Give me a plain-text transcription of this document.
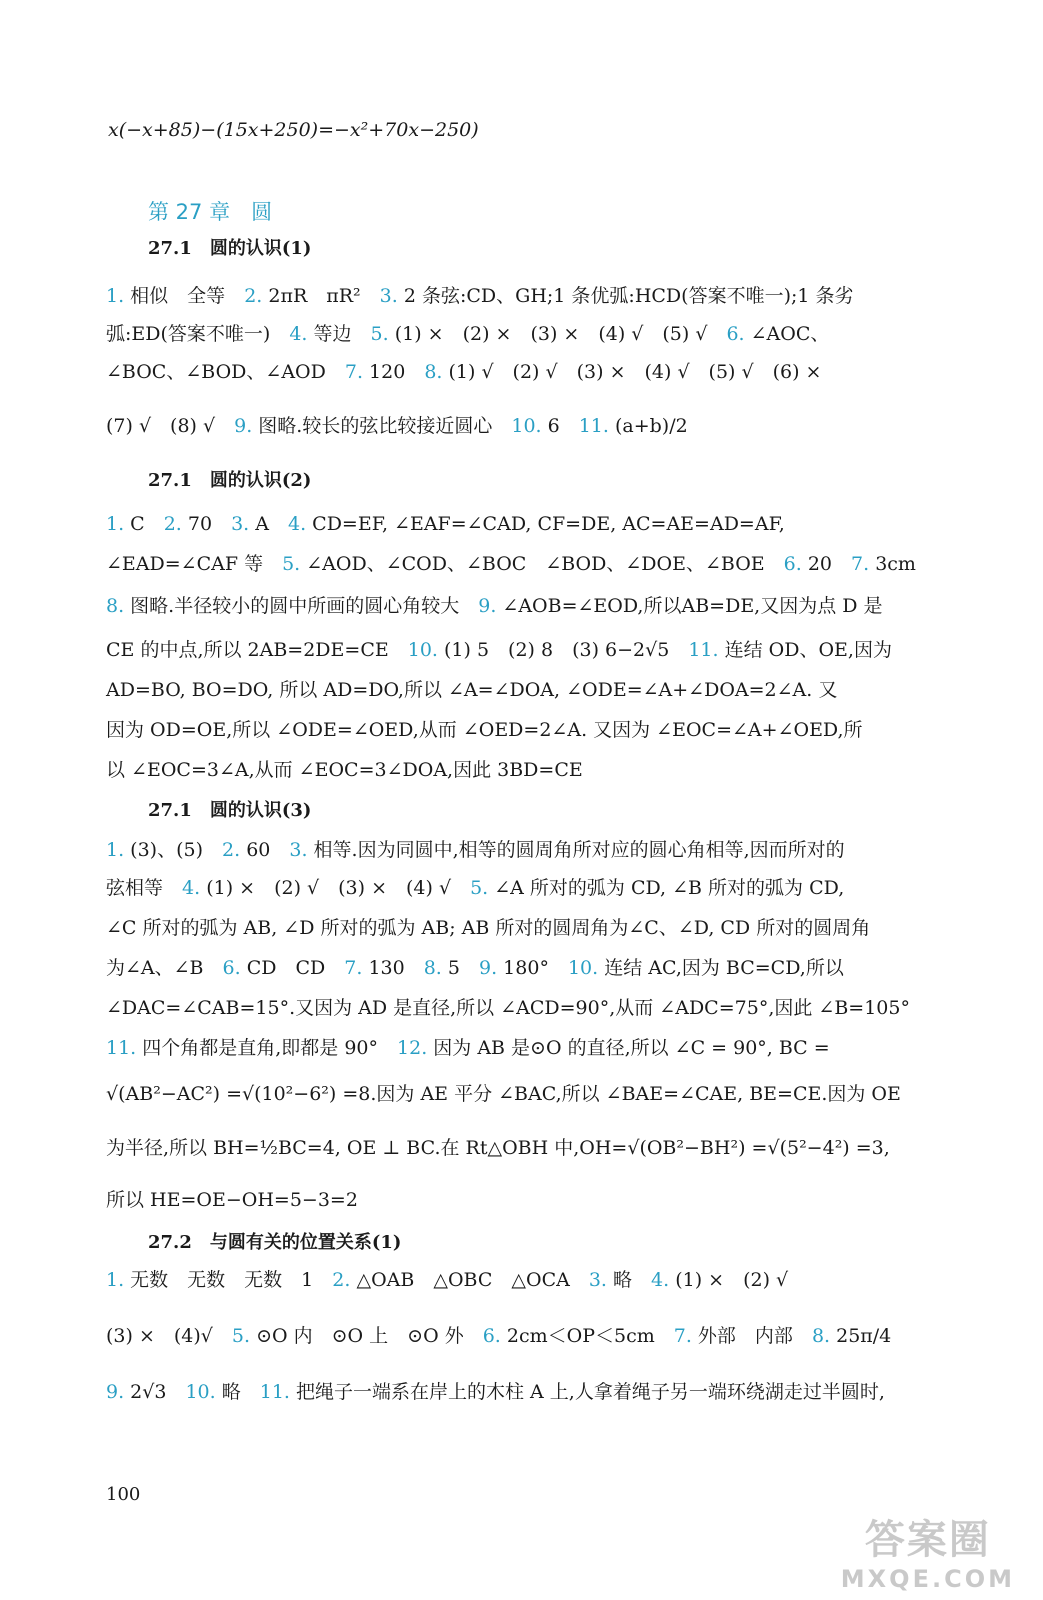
x(−x+85)−(15x+250)=−x²+70x−250)
第 27 章　圆
27.1　圆的认识(1)
1. 相似　全等　2. 2πR　πR²　3. 2 条弦:CD、GH;1 条优弧:HCD(答案不唯一);1 条劣
弧:ED(答案不唯一)　4. 等边　5. (1) ×　(2) ×　(3) ×　(4) √　(5) √　6. ∠AOC、
∠BOC、∠BOD、∠AOD　7. 120　8. (1) √　(2) √　(3) ×　(4) √　(5) √　(6) ×
(7) √　(8) √　9. 图略.较长的弦比较接近圆心　10. 6　11. (a+b)/2
27.1　圆的认识(2)
1. C　2. 70　3. A　4. CD=EF, ∠EAF=∠CAD, CF=DE, AC=AE=AD=AF,
∠EAD=∠CAF 等　5. ∠AOD、∠COD、∠BOC　∠BOD、∠DOE、∠BOE　6. 20　7. 3cm
8. 图略.半径较小的圆中所画的圆心角较大　9. ∠AOB=∠EOD,所以AB=DE,又因为点 D 是
CE 的中点,所以 2AB=2DE=CE　10. (1) 5　(2) 8　(3) 6−2√5　11. 连结 OD、OE,因为
AD=BO, BO=DO, 所以 AD=DO,所以 ∠A=∠DOA, ∠ODE=∠A+∠DOA=2∠A. 又
因为 OD=OE,所以 ∠ODE=∠OED,从而 ∠OED=2∠A. 又因为 ∠EOC=∠A+∠OED,所
以 ∠EOC=3∠A,从而 ∠EOC=3∠DOA,因此 3BD=CE
27.1　圆的认识(3)
1. (3)、(5)　2. 60　3. 相等.因为同圆中,相等的圆周角所对应的圆心角相等,因而所对的
弦相等　4. (1) ×　(2) √　(3) ×　(4) √　5. ∠A 所对的弧为 CD, ∠B 所对的弧为 CD,
∠C 所对的弧为 AB, ∠D 所对的弧为 AB; AB 所对的圆周角为∠C、∠D, CD 所对的圆周角
为∠A、∠B　6. CD　CD　7. 130　8. 5　9. 180°　10. 连结 AC,因为 BC=CD,所以
∠DAC=∠CAB=15°.又因为 AD 是直径,所以 ∠ACD=90°,从而 ∠ADC=75°,因此 ∠B=105°
11. 四个角都是直角,即都是 90°　12. 因为 AB 是⊙O 的直径,所以 ∠C = 90°, BC =
√(AB²−AC²) =√(10²−6²) =8.因为 AE 平分 ∠BAC,所以 ∠BAE=∠CAE, BE=CE.因为 OE
为半径,所以 BH=½BC=4, OE ⊥ BC.在 Rt△OBH 中,OH=√(OB²−BH²) =√(5²−4²) =3,
所以 HE=OE−OH=5−3=2
27.2　与圆有关的位置关系(1)
1. 无数　无数　无数　1　2. △OAB　△OBC　△OCA　3. 略　4. (1) ×　(2) √
(3) ×　(4)√　5. ⊙O 内　⊙O 上　⊙O 外　6. 2cm＜OP＜5cm　7. 外部　内部　8. 25π/4
9. 2√3　10. 略　11. 把绳子一端系在岸上的木柱 A 上,人拿着绳子另一端环绕湖走过半圆时,
100
答案圈
MXQE.COM
